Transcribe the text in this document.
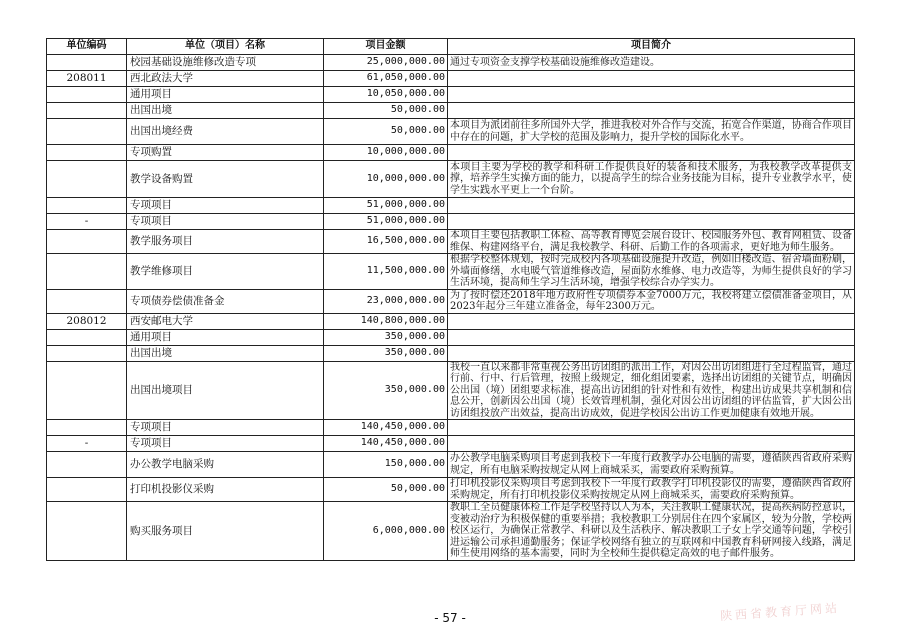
单位编码	单位（项目）名称	项目金额	项目简介
	校园基础设施维修改造专项	25,000,000.00	通过专项资金支撑学校基础设施维修改造建设。
208011	西北政法大学	61,050,000.00	
	通用项目	10,050,000.00	
	出国出境	50,000.00	
	出国出境经费	50,000.00	本项目为派团前往多所国外大学，推进我校对外合作与交流，拓宽合作渠道，协商合作项目中存在的问题，扩大学校的范围及影响力，提升学校的国际化水平。
	专项购置	10,000,000.00	
	教学设备购置	10,000,000.00	本项目主要为学校的教学和科研工作提供良好的装备和技术服务，为我校教学改革提供支撑，培养学生实操方面的能力，以提高学生的综合业务技能为目标，提升专业教学水平，使学生实践水平更上一个台阶。
	专项项目	51,000,000.00	
-	专项项目	51,000,000.00	
	教学服务项目	16,500,000.00	本项目主要包括教职工体检、高等教育博览会展台设计、校园服务外包、教育网租赁、设备维保、构建网络平台，满足我校教学、科研、后勤工作的各项需求，更好地为师生服务。
	教学维修项目	11,500,000.00	根据学校整体规划，按时完成校内各项基础设施提升改造，例如旧楼改造、宿舍墙面粉刷，外墙面修缮，水电暖气管道维修改造，屋面防水维修、电力改造等，为师生提供良好的学习生活环境，提高师生学习生活环境，增强学校综合办学实力。
	专项债券偿债准备金	23,000,000.00	为了按时偿还2018年地方政府性专项债券本金7000万元，我校将建立偿债准备金项目，从2023年起分三年建立准备金，每年2300万元。
208012	西安邮电大学	140,800,000.00	
	通用项目	350,000.00	
	出国出境	350,000.00	
	出国出境项目	350,000.00	我校一直以来都非常重视公务出访团组的派出工作，对因公出访团组进行全过程监管，通过行前、行中、行后管理，按照上级规定，细化组团要素，选择出访团组的关键节点，明确因公出国（境）团组要求标准，提高出访团组的针对性和有效性，构建出访成果共享机制和信息公开，创新因公出国（境）长效管理机制，强化对因公出访团组的评估监管，扩大因公出访团组投放产出效益，提高出访成效，促进学校因公出访工作更加健康有效地开展。
	专项项目	140,450,000.00	
-	专项项目	140,450,000.00	
	办公教学电脑采购	150,000.00	办公教学电脑采购项目考虑到我校下一年度行政教学办公电脑的需要，遵循陕西省政府采购规定，所有电脑采购按规定从网上商城采买，需要政府采购预算。
	打印机投影仪采购	50,000.00	打印机投影仪采购项目考虑到我校下一年度行政教学打印机投影仪的需要，遵循陕西省政府采购规定，所有打印机投影仪采购按规定从网上商城采买，需要政府采购预算。
	购买服务项目	6,000,000.00	教职工全员健康体检工作是学校坚持以人为本，关注教职工健康状况，提高疾病防控意识，变被动治疗为积极保健的重要举措；我校教职工分别居住在四个家属区，较为分散，学校两校区运行，为确保正常教学、科研以及生活秩序、解决教职工子女上学交通等问题，学校引进运输公司承担通勤服务；保证学校网络有独立的互联网和中国教育科研网接入线路，满足师生使用网络的基本需要，同时为全校师生提供稳定高效的电子邮件服务。
- 57 -	陕西省教育厅网站
